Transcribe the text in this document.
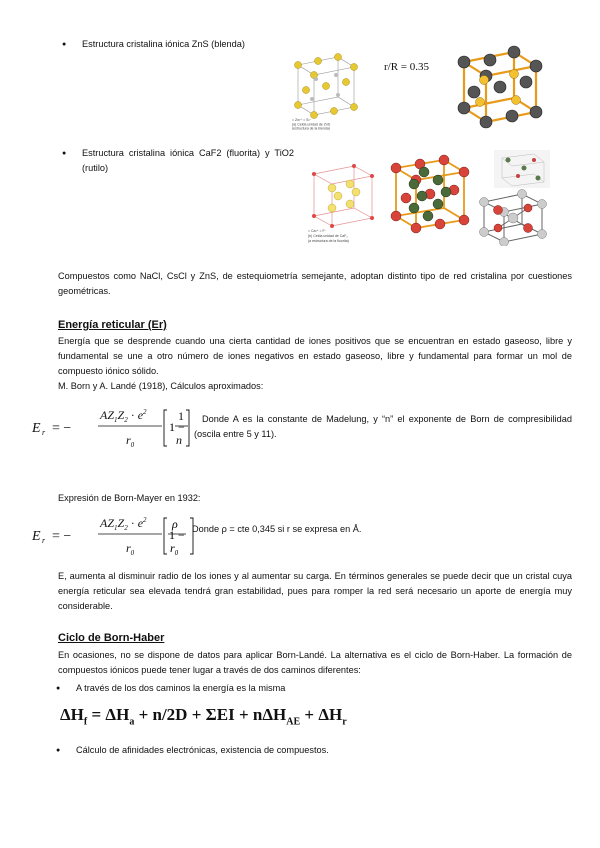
● Estructura cristalina iónica ZnS (blenda)
= Zn²⁺ = S²⁻
(a) Celda unidad de ZnS
(estructura de la blenda)
r/R = 0.35
● Estructura cristalina iónica CaF2 (fluorita) y TiO2 (rutilo)
= Ca²⁺ = F⁻
(b) Celda unidad de CaF₂
(a estructura de la fluorita)
Compuestos como NaCl, CsCl y ZnS, de estequiometría semejante, adoptan distinto tipo de red cristalina por cuestiones geométricas.
Energía reticular (Er)
Energía que se desprende cuando una cierta cantidad de iones positivos que se encuentran en estado gaseoso, libre y fundamental se une a otro número de iones negativos en estado gaseoso, libre y fundamental para formar un mol de compuesto iónico sólido.
M. Born y A. Landé (1918), Cálculos aproximados:
E r = −
$AZ_1Z_2 \cdot e^2$
$r_0$
1
n
1 −
Donde A es la constante de Madelung, y “n” el exponente de Born de compresibilidad (oscila entre 5 y 11).
Expresión de Born-Mayer en 1932:
E r = −
$AZ_1Z_2 \cdot e^2$
$r_0$
1 −
ρ
$r_0$
Donde ρ = cte 0,345 si r se expresa en Å.
E, aumenta al disminuir radio de los iones y al aumentar su carga. En términos generales se puede decir que un cristal cuya energía reticular sea elevada tendrá gran estabilidad, pues para romper la red será necesario un aporte de energía muy considerable.
Ciclo de Born-Haber
En ocasiones, no se dispone de datos para aplicar Born-Landé. La alternativa es el ciclo de Born-Haber. La formación de compuestos iónicos puede tener lugar a través de dos caminos diferentes:
● A través de los dos caminos la energía es la misma
$\Delta H_f = \Delta H_a + n/2D + \Sigma EI + n\Delta H_{AE} + \Delta H_r$
● Cálculo de afinidades electrónicas, existencia de compuestos.
